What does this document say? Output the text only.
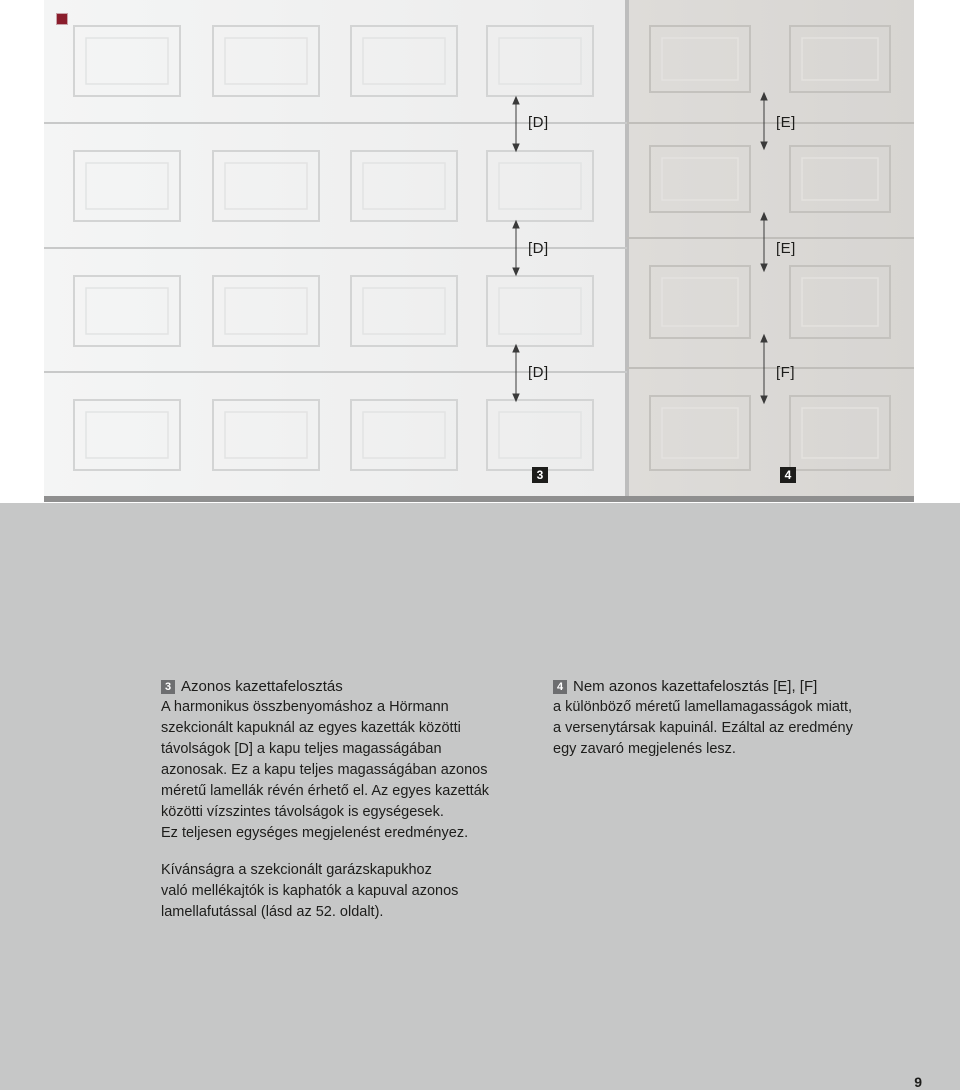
[D]
[D]
[D]
[E]
[E]
[F]
3	4
3 Azonos kazettafelosztás

A harmonikus összbenyomáshoz a Hörmann

szekcionált kapuknál az egyes kazetták közötti

távolságok [D] a kapu teljes magasságában

azonosak. Ez a kapu teljes magasságában azonos

méretű lamellák révén érhető el. Az egyes kazetták

közötti vízszintes távolságok is egységesek.

Ez teljesen egységes megjelenést eredményez.

4 Nem azonos kazettafelosztás [E], [F]

a különböző méretű lamellamagasságok miatt,

a versenytársak kapuinál. Ezáltal az eredmény

egy zavaró megjelenés lesz.

Kívánságra a szekcionált garázskapukhoz

való mellékajtók is kaphatók a kapuval azonos

lamellafutással (lásd az 52. oldalt).

9
